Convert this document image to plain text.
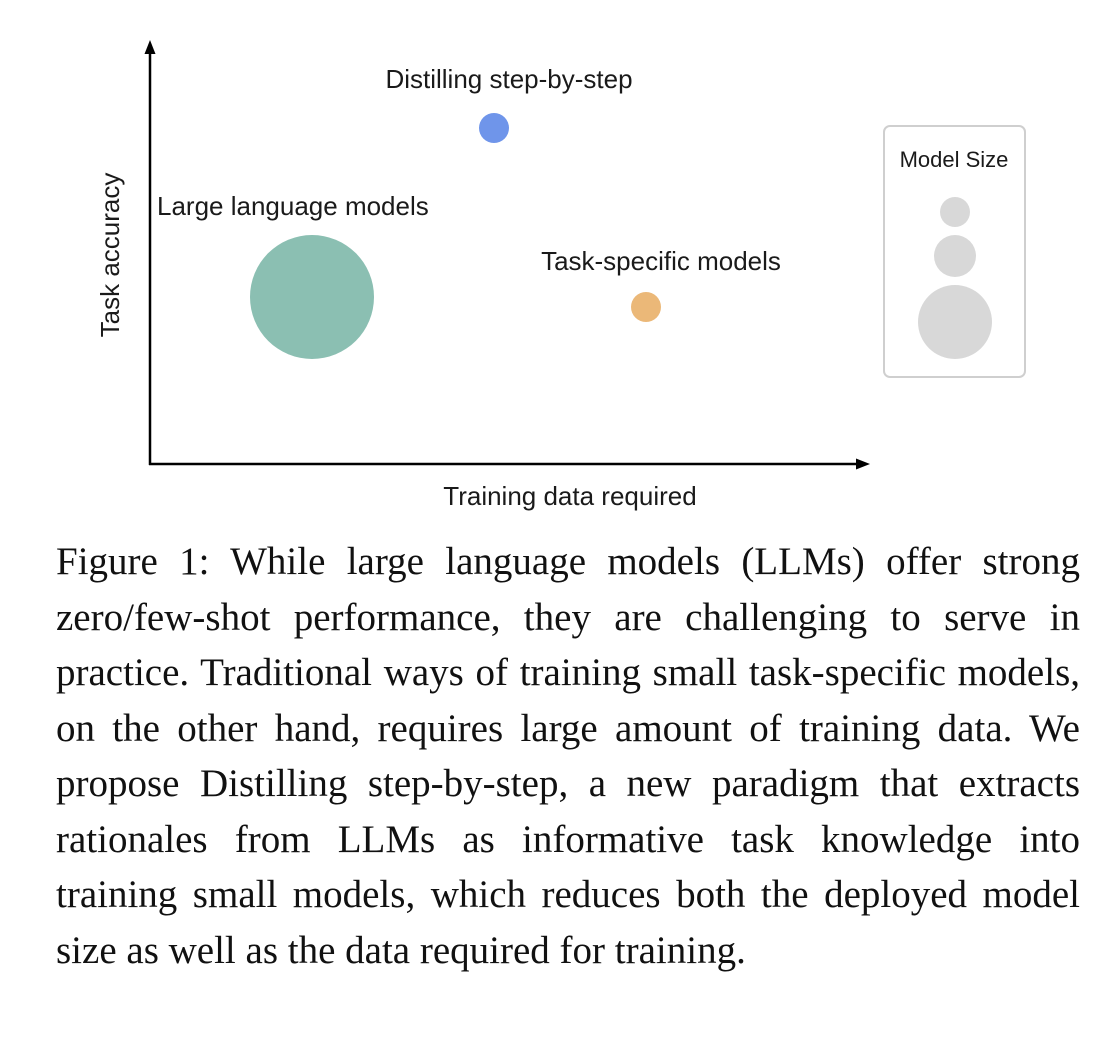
Training data required
Task accuracy
Distilling step-by-step
Large language models
Task-specific models
Model Size

Figure 1: While large language models (LLMs) offer strong zero/few-shot performance, they are challenging to serve in practice. Traditional ways of training small task-specific models, on the other hand, requires large amount of training data. We propose Distilling step-by-step, a new paradigm that extracts rationales from LLMs as informative task knowledge into training small models, which reduces both the deployed model size as well as the data required for training.
